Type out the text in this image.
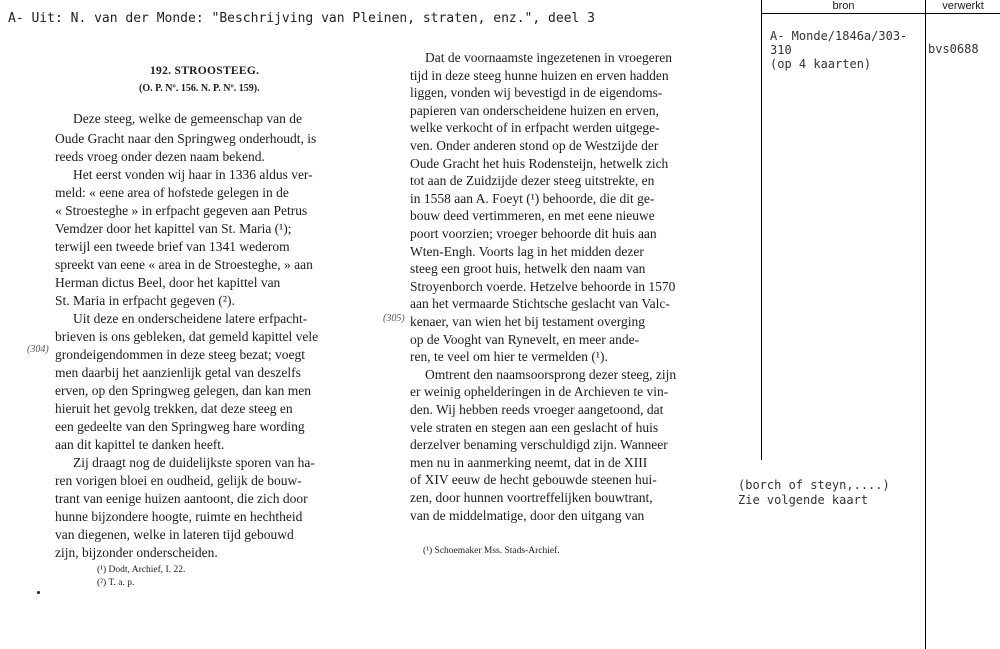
A- Uit: N. van der Monde: "Beschrijving van Pleinen, straten, enz.", deel 3
bron	verwerkt
A- Monde/1846a/303-
310
(op 4 kaarten)
bvs0688
(borch of steyn,....)
Zie volgende kaart
192. STROOSTEEG.
(O. P. Nº. 156. N. P. Nº. 159).
Deze steeg, welke de gemeenschap van de
Oude Gracht naar den Springweg onderhoudt, is
reeds vroeg onder dezen naam bekend.
Het eerst vonden wij haar in 1336 aldus ver-
meld: « eene area of hofstede gelegen in de
« Stroesteghe » in erfpacht gegeven aan Petrus
Vemdzer door het kapittel van St. Maria (¹);
terwijl een tweede brief van 1341 wederom
spreekt van eene « area in de Stroesteghe, » aan
Herman dictus Beel, door het kapittel van
St. Maria in erfpacht gegeven (²).
Uit deze en onderscheidene latere erfpacht-
brieven is ons gebleken, dat gemeld kapittel vele
grondeigendommen in deze steeg bezat; voegt
men daarbij het aanzienlijk getal van deszelfs
erven, op den Springweg gelegen, dan kan men
hieruit het gevolg trekken, dat deze steeg en
een gedeelte van den Springweg hare wording
aan dit kapittel te danken heeft.
Zij draagt nog de duidelijkste sporen van ha-
ren vorigen bloei en oudheid, gelijk de bouw-
trant van eenige huizen aantoont, die zich door
hunne bijzondere hoogte, ruimte en hechtheid
van diegenen, welke in lateren tijd gebouwd
zijn, bijzonder onderscheiden.
(¹) Dodt, Archief, I. 22.
(²) T. a. p.
(304)
(305)
Dat de voornaamste ingezetenen in vroegeren
tijd in deze steeg hunne huizen en erven hadden
liggen, vonden wij bevestigd in de eigendoms-
papieren van onderscheidene huizen en erven,
welke verkocht of in erfpacht werden uitgege-
ven. Onder anderen stond op de Westzijde der
Oude Gracht het huis Rodensteijn, hetwelk zich
tot aan de Zuidzijde dezer steeg uitstrekte, en
in 1558 aan A. Foeyt (¹) behoorde, die dit ge-
bouw deed vertimmeren, en met eene nieuwe
poort voorzien; vroeger behoorde dit huis aan
Wten-Engh. Voorts lag in het midden dezer
steeg een groot huis, hetwelk den naam van
Stroyenborch voerde. Hetzelve behoorde in 1570
aan het vermaarde Stichtsche geslacht van Valc-
kenaer, van wien het bij testament overging
op de Vooght van Rynevelt, en meer ande-
ren, te veel om hier te vermelden (¹).
Omtrent den naamsoorsprong dezer steeg, zijn
er weinig ophelderingen in de Archieven te vin-
den. Wij hebben reeds vroeger aangetoond, dat
vele straten en stegen aan een geslacht of huis
derzelver benaming verschuldigd zijn. Wanneer
men nu in aanmerking neemt, dat in de XIII
of XIV eeuw de hecht gebouwde steenen hui-
zen, door hunnen voortreffelijken bouwtrant,
van de middelmatige, door den uitgang van
(¹) Schoemaker Mss. Stads-Archief.
